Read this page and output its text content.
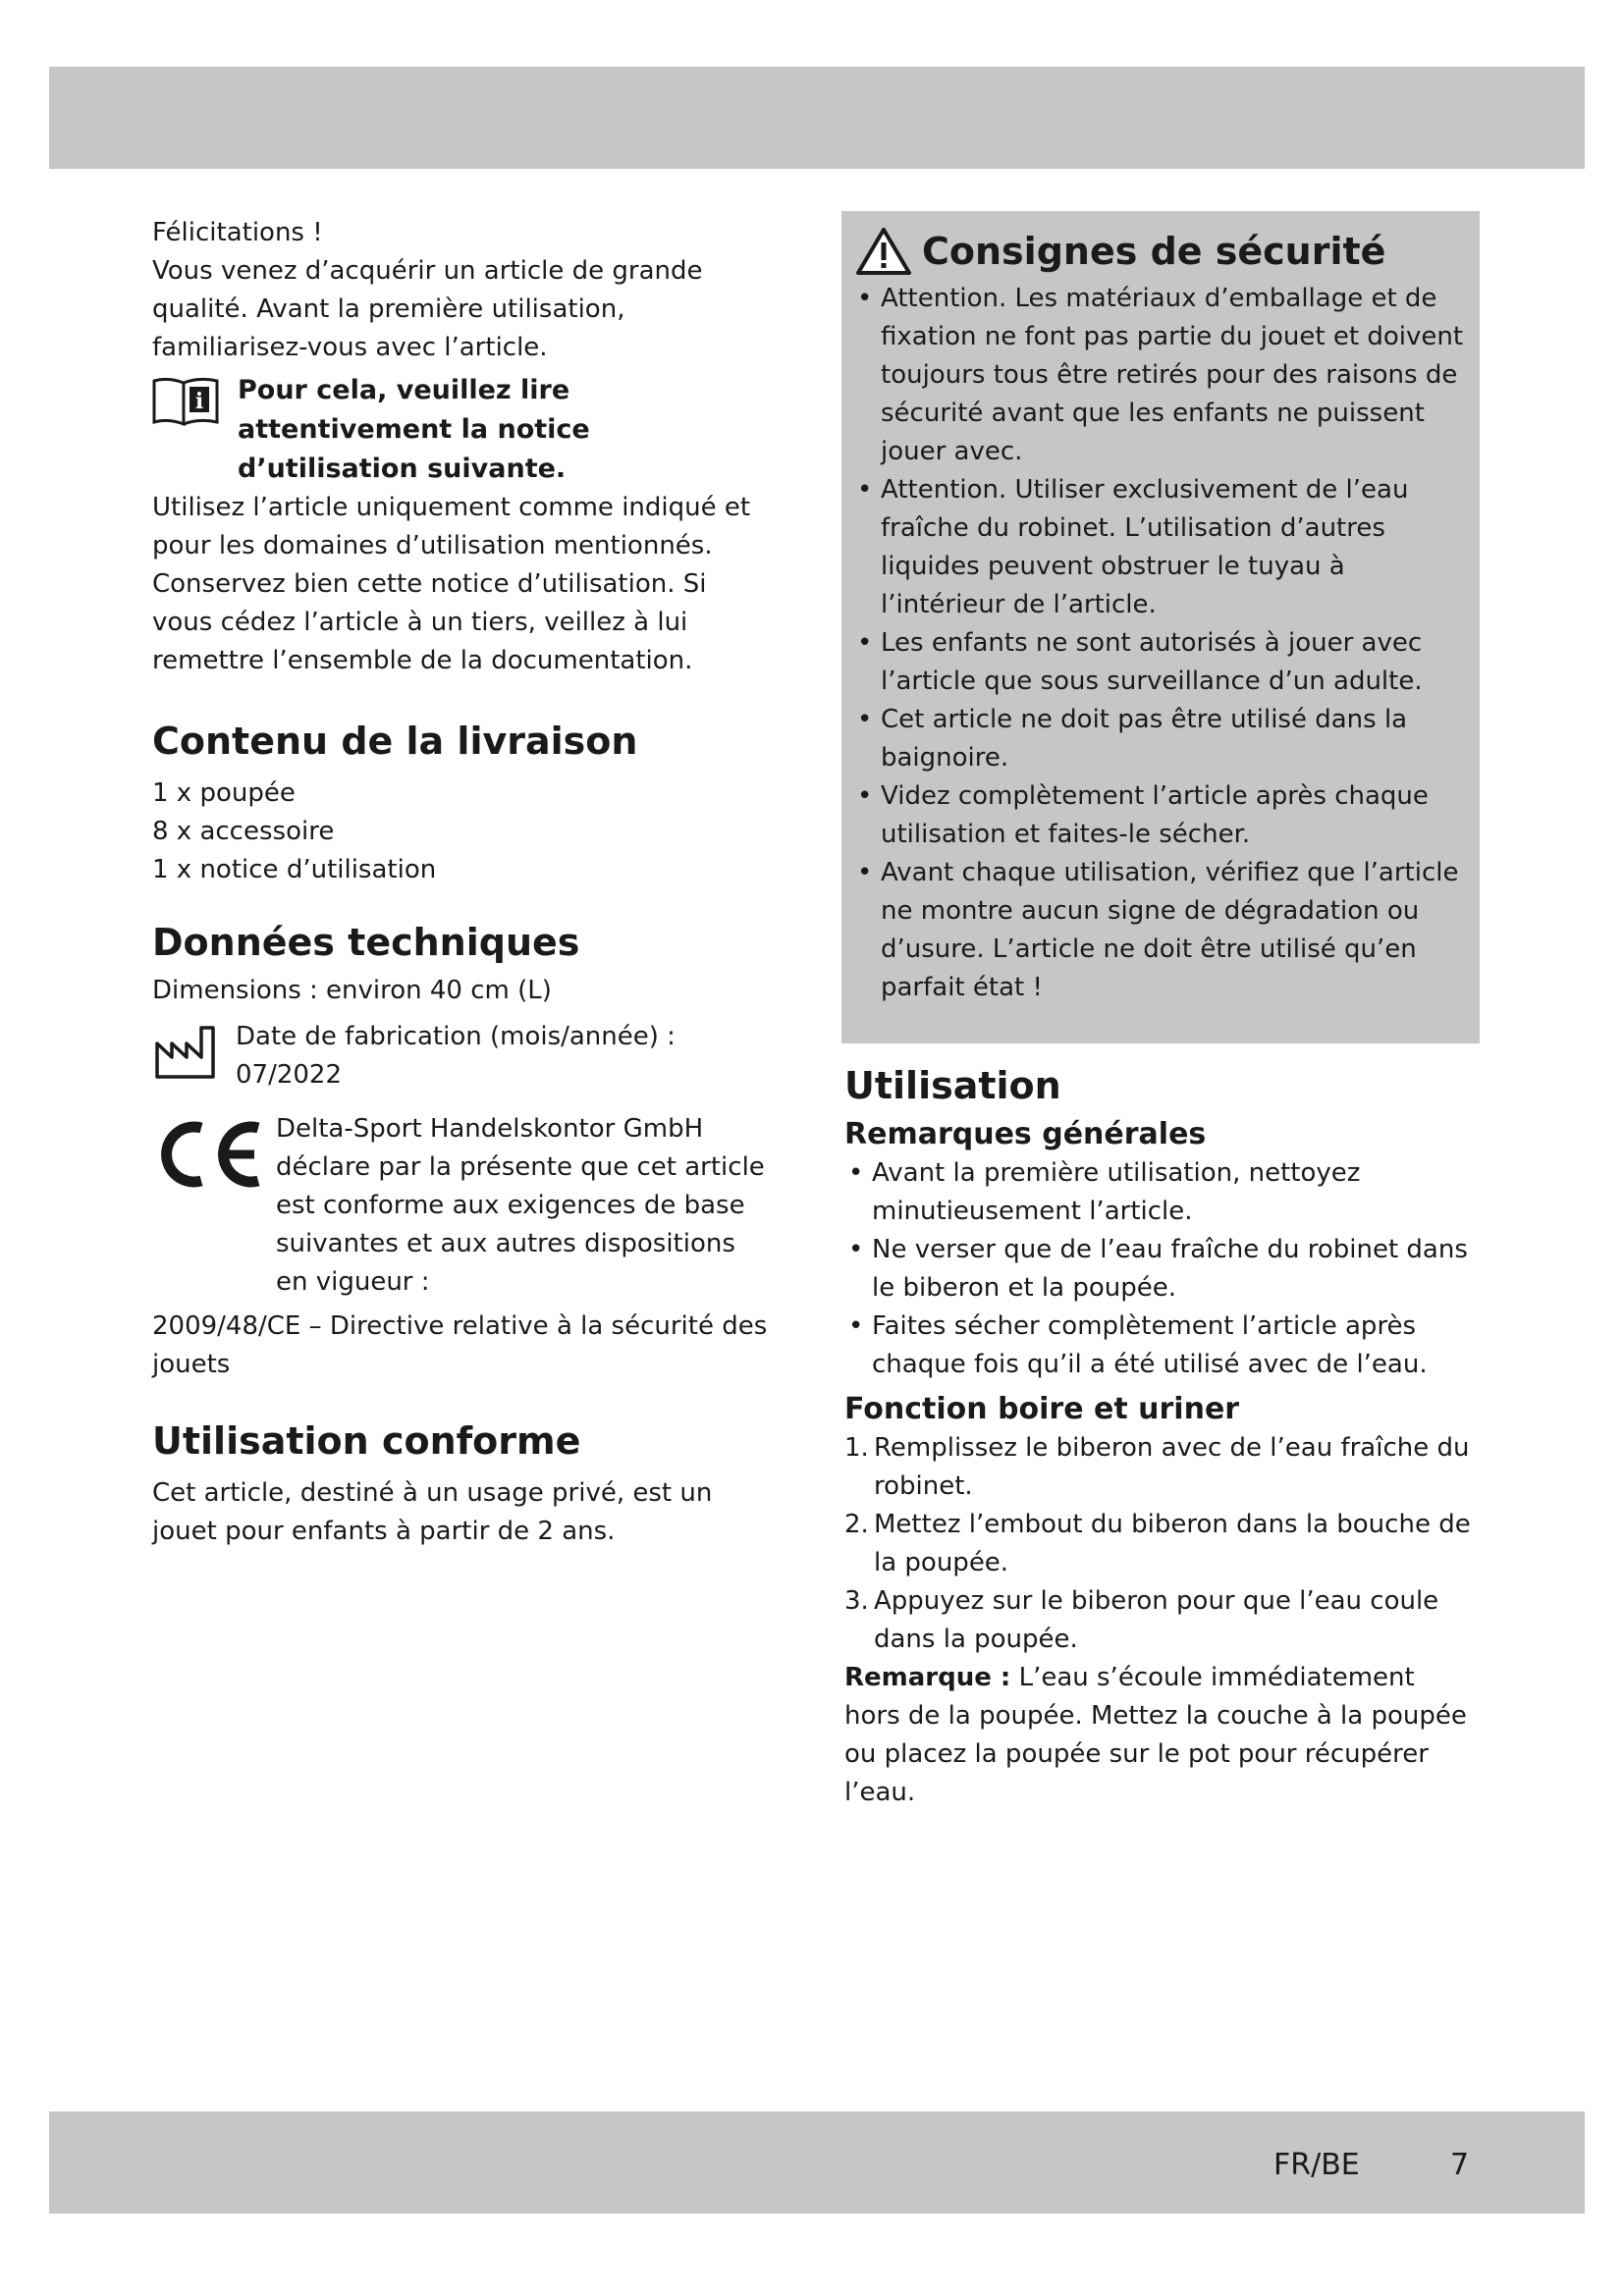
Félicitations !

Vous venez d’acquérir un article de grande qualité. Avant la première utilisation, familiarisez-vous avec l’article.

i Pour cela, veuillez lire attentivement la notice d’utilisation suivante.

Utilisez l’article uniquement comme indiqué et pour les domaines d’utilisation mentionnés.

Conservez bien cette notice d’utilisation. Si vous cédez l’article à un tiers, veillez à lui remettre l’ensemble de la documentation.

Contenu de la livraison

1 x poupée

8 x accessoire

1 x notice d’utilisation

Données techniques

Dimensions : environ 40 cm (L)

Date de fabrication (mois/année) :

07/2022

Delta-Sport Handelskontor GmbH déclare par la présente que cet article est conforme aux exigences de base suivantes et aux autres dispositions en vigueur :

2009/48/CE – Directive relative à la sécurité des jouets

Utilisation conforme

Cet article, destiné à un usage privé, est un jouet pour enfants à partir de 2 ans.

Consignes de sécurité
• Attention. Les matériaux d’emballage et de fixation ne font pas partie du jouet et doivent toujours tous être retirés pour des raisons de sécurité avant que les enfants ne puissent jouer avec.
• Attention. Utiliser exclusivement de l’eau fraîche du robinet. L’utilisation d’autres liquides peuvent obstruer le tuyau à l’intérieur de l’article.
• Les enfants ne sont autorisés à jouer avec l’article que sous surveillance d’un adulte.
• Cet article ne doit pas être utilisé dans la baignoire.
• Videz complètement l’article après chaque utilisation et faites-le sécher.
• Avant chaque utilisation, vérifiez que l’article ne montre aucun signe de dégradation ou d’usure. L’article ne doit être utilisé qu’en parfait état !
Utilisation
Remarques générales
• Avant la première utilisation, nettoyez minutieusement l’article.
• Ne verser que de l’eau fraîche du robinet dans le biberon et la poupée.
• Faites sécher complètement l’article après chaque fois qu’il a été utilisé avec de l’eau.
Fonction boire et uriner
1. Remplissez le biberon avec de l’eau fraîche du robinet.
2. Mettez l’embout du biberon dans la bouche de la poupée.
3. Appuyez sur le biberon pour que l’eau coule dans la poupée.

Remarque : L’eau s’écoule immédiatement hors de la poupée. Mettez la couche à la poupée ou placez la poupée sur le pot pour récupérer l’eau.

FR/BE	7
